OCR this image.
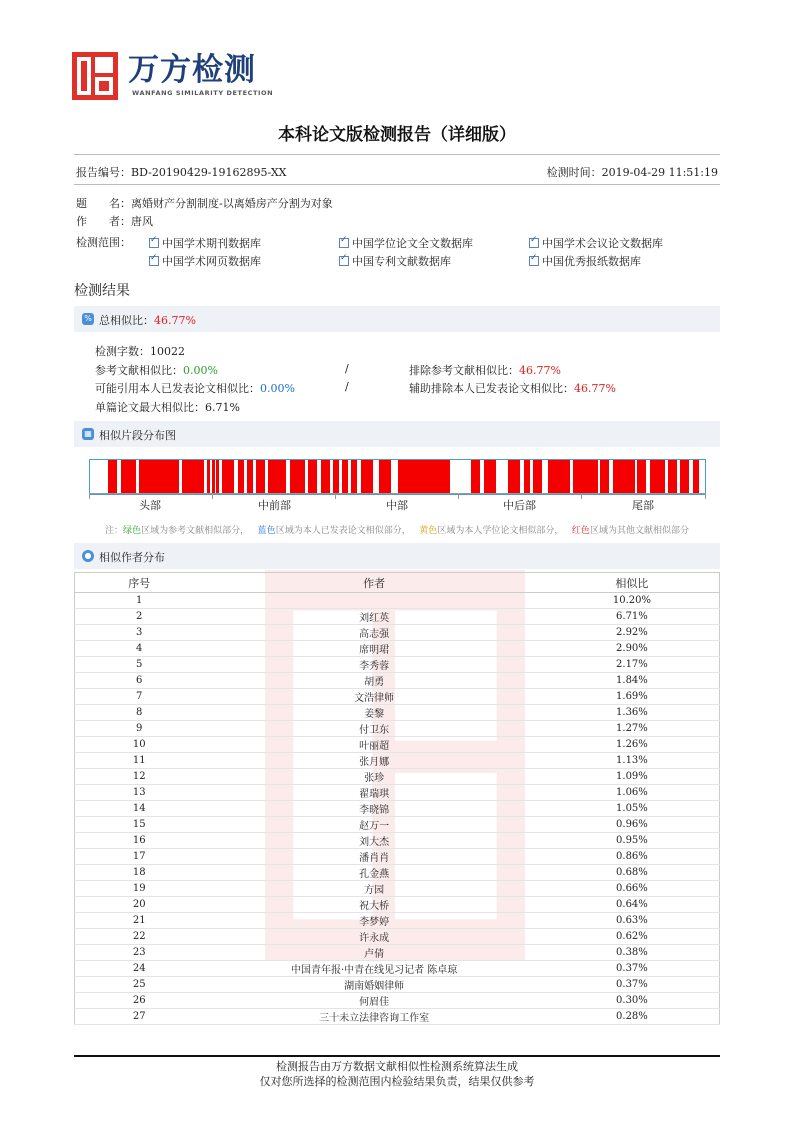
万方检测
WANFANG SIMILARITY DETECTION
本科论文版检测报告（详细版）
报告编号：BD-20190429-19162895-XX	检测时间：2019-04-29 11:51:19
题　　名：离婚财产分割制度-以离婚房产分割为对象
作　　者：唐风
检测范围： ✓	中国学术期刊数据库 ✓	中国学位论文全文数据库 ✓	中国学术会议论文数据库
✓中国学术网页数据库 ✓	中国专利文献数据库 ✓	中国优秀报纸数据库
检测结果
% 总相似比：46.77%
检测字数：10022
参考文献相似比：0.00%	/	排除参考文献相似比：46.77%
可能引用本人已发表论文相似比：0.00%	/	辅助排除本人已发表论文相似比：46.77%
单篇论文最大相似比：6.71%
▦ 相似片段分布图
头部	中前部	中部	中后部	尾部
注：绿色区域为参考文献相似部分， 蓝色区域为本人已发表论文相似部分， 黄色区域为本人学位论文相似部分， 红色区域为其他文献相似部分
● 相似作者分布
序号	作者	相似比
1		10.20%
2	刘红英	6.71%
3	高志强	2.92%
4	席明珺	2.90%
5	李秀蓉	2.17%
6	胡勇	1.84%
7	文浩律师	1.69%
8	姜黎	1.36%
9	付卫东	1.27%
10	叶丽超	1.26%
11	张月娜	1.13%
12	张珍	1.09%
13	翟瑞琪	1.06%
14	李晓锦	1.05%
15	赵万一	0.96%
16	刘大杰	0.95%
17	潘肖肖	0.86%
18	孔金燕	0.68%
19	方园	0.66%
20	祝大桥	0.64%
21	李梦婷	0.63%
22	许永成	0.62%
23	卢倩	0.38%
24	中国青年报·中青在线见习记者 陈卓琼	0.37%
25	湖南婚姻律师	0.37%
26	何眉佳	0.30%
27	三十未立法律咨询工作室	0.28%
检测报告由万方数据文献相似性检测系统算法生成
仅对您所选择的检测范围内检验结果负责，结果仅供参考
